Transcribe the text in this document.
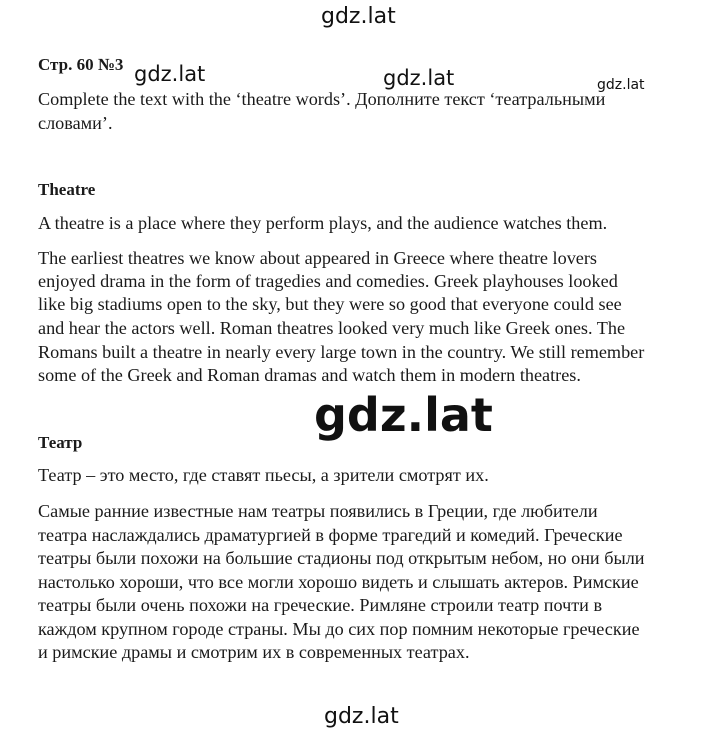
gdz.lat
gdz.lat	gdz.lat	gdz.lat
gdz.lat
gdz.lat
Стр. 60 №3
Complete the text with the ‘theatre words’. Дополните текст ‘театральными
словами’.
Theatre
A theatre is a place where they perform plays, and the audience watches them.
The earliest theatres we know about appeared in Greece where theatre lovers
enjoyed drama in the form of tragedies and comedies. Greek playhouses looked
like big stadiums open to the sky, but they were so good that everyone could see
and hear the actors well. Roman theatres looked very much like Greek ones. The
Romans built a theatre in nearly every large town in the country. We still remember
some of the Greek and Roman dramas and watch them in modern theatres.
Театр
Театр – это место, где ставят пьесы, а зрители смотрят их.
Самые ранние известные нам театры появились в Греции, где любители
театра наслаждались драматургией в форме трагедий и комедий. Греческие
театры были похожи на большие стадионы под открытым небом, но они были
настолько хороши, что все могли хорошо видеть и слышать актеров. Римские
театры были очень похожи на греческие. Римляне строили театр почти в
каждом крупном городе страны. Мы до сих пор помним некоторые греческие
и римские драмы и смотрим их в современных театрах.
